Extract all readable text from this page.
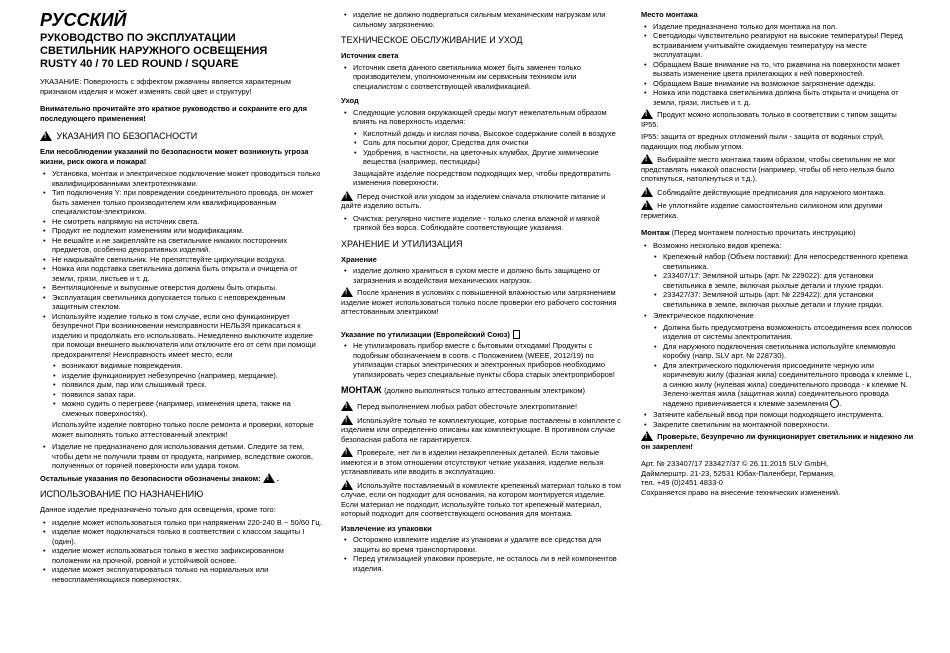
РУССКИЙ
РУКОВОДСТВО ПО ЭКСПЛУАТАЦИИ
СВЕТИЛЬНИК НАРУЖНОГО ОСВЕЩЕНИЯ
RUSTY 40 / 70 LED ROUND / SQUARE

УКАЗАНИЕ: Поверхность с эффектом ржавчины является характерным признаком изделия и может изменять свой цвет и структуру!

Внимательно прочитайте это краткое руководство и сохраните его для последующего применения!

! УКАЗАНИЯ ПО БЕЗОПАСНОСТИ

Ели несоблюдении указаний по безопасности может возникнуть угроза жизни, риск ожога и пожара!

• Установка, монтаж и электрическое подключение может проводиться только квалифицированными электротехниками.
• Тип подключения Y: при повреждении соединительного провода, он может быть заменен только производителем или квалифицированным специалистом-электриком.
• Не смотреть напрямую на источник света.
• Продукт не подлежит изменениям или модификациям.
• Не вешайте и не закрепляйте на светильнике никаких посторонних предметов, особенно декоративных изделий.
• Не накрывайте светильник. Не препятствуйте циркуляции воздуха.
• Ножка или подставка светильника должна быть открыта и очищена от земли, грязи, листьев и т. д.
• Вентиляционные и выпускные отверстия должны быть открыты.
• Эксплуатация светильника допускается только с неповрежденным защитным стеклом.
• Используйте изделие только в том случае, если оно функционирует безупречно! При возникновении неисправности НЕЛЬЗЯ прикасаться к изделию и продолжать его использовать. Немедленно выключите изделие при помощи внешнего выключателя или отключите его от сети при помощи предохранителя! Неисправность имеет место, если
• возникают видимые повреждения.
• изделие функционирует небезупречно (например, мерцание).
• появился дым, пар или слышимый треск.
• появился запах гари.
• можно судить о перегреве (например, изменения цвета, также на смежных поверхностях).

Используйте изделие повторно только после ремонта и проверки, которые может выполнять только аттестованный электрик!

• Изделие не предназначено для использования детьми. Следите за тем, чтобы дети не получили травм от продукта, например, вследствие ожогов, полученных от горячей поверхности или удара током.

Остальные указания по безопасности обозначены знаком: ! .

ИСПОЛЬЗОВАНИЕ ПО НАЗНАЧЕНИЮ

Данное изделие предназначено только для освещения, кроме того:

• изделие может использоваться только при напряжении 220-240 В ~ 50/60 Гц.
• изделие может подключаться только в соответствии с классом защиты I (один).
• изделие может использоваться только в жестко зафиксированном положении на прочной, ровной и устойчивой основе.
• изделие может эксплуатироваться только на нормальных или невоспламеняющихся поверхностях.
• изделие не должно подвергаться сильным механическим нагрузкам или сильному загрязнению.
ТЕХНИЧЕСКОЕ ОБСЛУЖИВАНИЕ И УХОД
Источник света
• Источник света данного светильника может быть заменен только производителем, уполномоченным им сервисным техником или специалистом с соответствующей квалификацией.
Уход
• Следующие условия окружающей среды могут нежелательным образом влиять на поверхность изделия:
• Кислотный дождь и кислая почва, Высокое содержание солей в воздухе
• Соль для посыпки дорог, Средства для очистки
• Удобрения, в частности, на цветочных клумбах, Другие химические вещества (например, пестициды)

Защищайте изделие посредством подходящих мер, чтобы предотвратить изменения поверхности.

! Перед очисткой или уходом за изделием сначала отключите питание и дайте изделию остыть.

• Очистка: регулярно чистите изделие - только слегка влажной и мягкой тряпкой без ворса. Соблюдайте соответствующие указания.
ХРАНЕНИЕ И УТИЛИЗАЦИЯ
Хранение
• изделие должно храниться в сухом месте и должно быть защищено от загрязнения и воздействия механических нагрузок.

! После хранения в условиях с повышенной влажностью или загрязнением изделие может использоваться только после проверки его рабочего состояния аттестованным электриком!

Указание по утилизации (Европейский Союз)
• Не утилизировать прибор вместе с бытовыми отходами! Продукты с подобным обозначением в соотв. с Положением (WEEE, 2012/19) по утилизации старых электрических и электронных приборов необходимо утилизировать через специальные пункты сбора старых электроприборов!
МОНТАЖ (должно выполняться только аттестованным электриком)

! Перед выполнением любых работ обесточьте электропитание!

! Используйте только те комплектующие, которые поставлены в комплекте с изделием или определенно описаны как комплектующие. В противном случае безопасная работа не гарантируется.

! Проверьте, нет ли в изделии незакрепленных деталей. Если таковые имеются и в этом отношении отсутствуют четкие указания, изделие нельзя устанавливать или вводить в эксплуатацию.

! Используйте поставляемый в комплекте крепежный материал только в том случае, если он подходит для основания, на котором монтируется изделие. Если материал не подходит, используйте только тот крепежный материал, который подходит для соответствующего основания для монтажа.

Извлечение из упаковки
• Осторожно извлеките изделие из упаковки и удалите все средства для защиты во время транспортировки.
• Перед утилизацией упаковки проверьте, не осталось ли в ней компонентов изделия.
Место монтажа
• Изделие предназначено только для монтажа на пол.
• Светодиоды чувствительно реагируют на высокие температуры! Перед встраиванием учитывайте ожидаемую температуру на месте эксплуатации.
• Обращаем Ваше внимание на то, что ржавчина на поверхности может вызвать изменение цвета прилегающих к ней поверхностей.
• Обращаем Ваше внимание на возможное загрязнение одежды.
• Ножка или подставка светильника должна быть открыта и очищена от земли, грязи, листьев и т. д.

! Продукт можно использовать только в соответствии с типом защиты IP55.

IP55: защита от вредных отложений пыли - защита от водяных струй, падающих под любым углом.

! Выбирайте место монтажа таким образом, чтобы светильник не мог представлять никакой опасности (например, чтобы об него нельзя было споткнуться, натолкнуться и т.д.).

! Соблюдайте действующие предписания для наружного монтажа.

! Не уплотняйте изделие самостоятельно силиконом или другими герметика.

Монтаж (Перед монтажем полностью прочитать инструкцию)

• Возможно несколько видов крепежа:
• Крепежный набор (Объем поставки): Для непосредственного крепежа светильника.
• 233407/17: Земляной штырь (арт. № 229022): для установки светильника в земле, включая рыхлые детали и глухие грядки.
• 233427/37: Земляной штырь (арт. № 229422): для установки светильника в земле, включая рыхлые детали и глухие грядки.
• Электрическое подключение
• Должна быть предусмотрена возможность отсоединения всех полюсов изделия от системы электропитания.
• Для наружного подключения светильника используйте клеммовую коробку (напр. SLV арт. № 228730).
• Для электрического подключения присоедините черную или коричневую жилу (фазная жила) соединительного провода к клемме L, а синюю жилу (нулевая жила) соединительного провода - к клемме N. Зелено-желтая жила (защитная жила) соединительного провода надежно привинчивается к клемме заземления .
• Затяните кабельный ввод при помощи подходящего инструмента.
• Закрепите светильник на монтажной поверхности.

! Проверьте, безупречно ли функционирует светильник и надежно ли он закреплен!

Арт. № 233407/17 233427/37 © 26.11.2015 SLV GmbH,
Даймлерштр. 21-23, 52531 Юбах-Паленберг, Германия,
тел. +49 (0)2451 4833-0
Сохраняется право на внесение технических изменений.
